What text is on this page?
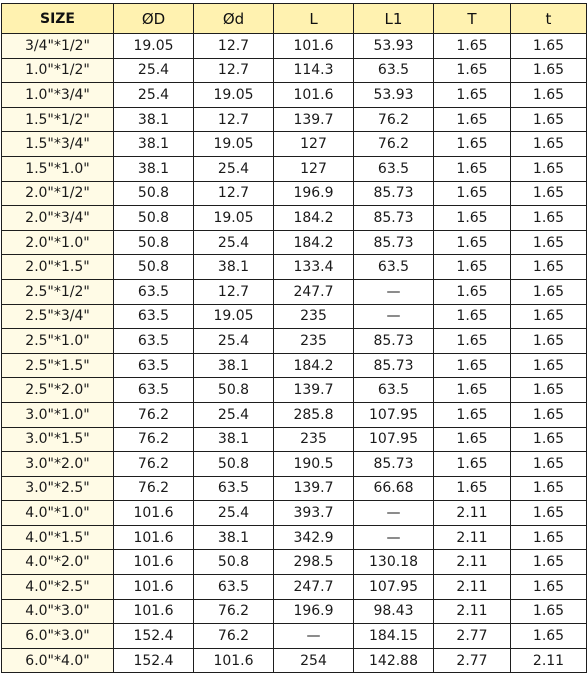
SIZE	ØD	Ød	L	L1	T	t
3/4"*1/2"	19.05	12.7	101.6	53.93	1.65	1.65
1.0"*1/2"	25.4	12.7	114.3	63.5	1.65	1.65
1.0"*3/4"	25.4	19.05	101.6	53.93	1.65	1.65
1.5"*1/2"	38.1	12.7	139.7	76.2	1.65	1.65
1.5"*3/4"	38.1	19.05	127	76.2	1.65	1.65
1.5"*1.0"	38.1	25.4	127	63.5	1.65	1.65
2.0"*1/2"	50.8	12.7	196.9	85.73	1.65	1.65
2.0"*3/4"	50.8	19.05	184.2	85.73	1.65	1.65
2.0"*1.0"	50.8	25.4	184.2	85.73	1.65	1.65
2.0"*1.5"	50.8	38.1	133.4	63.5	1.65	1.65
2.5"*1/2"	63.5	12.7	247.7	—	1.65	1.65
2.5"*3/4"	63.5	19.05	235	—	1.65	1.65
2.5"*1.0"	63.5	25.4	235	85.73	1.65	1.65
2.5"*1.5"	63.5	38.1	184.2	85.73	1.65	1.65
2.5"*2.0"	63.5	50.8	139.7	63.5	1.65	1.65
3.0"*1.0"	76.2	25.4	285.8	107.95	1.65	1.65
3.0"*1.5"	76.2	38.1	235	107.95	1.65	1.65
3.0"*2.0"	76.2	50.8	190.5	85.73	1.65	1.65
3.0"*2.5"	76.2	63.5	139.7	66.68	1.65	1.65
4.0"*1.0"	101.6	25.4	393.7	—	2.11	1.65
4.0"*1.5"	101.6	38.1	342.9	—	2.11	1.65
4.0"*2.0"	101.6	50.8	298.5	130.18	2.11	1.65
4.0"*2.5"	101.6	63.5	247.7	107.95	2.11	1.65
4.0"*3.0"	101.6	76.2	196.9	98.43	2.11	1.65
6.0"*3.0"	152.4	76.2	—	184.15	2.77	1.65
6.0"*4.0"	152.4	101.6	254	142.88	2.77	2.11
